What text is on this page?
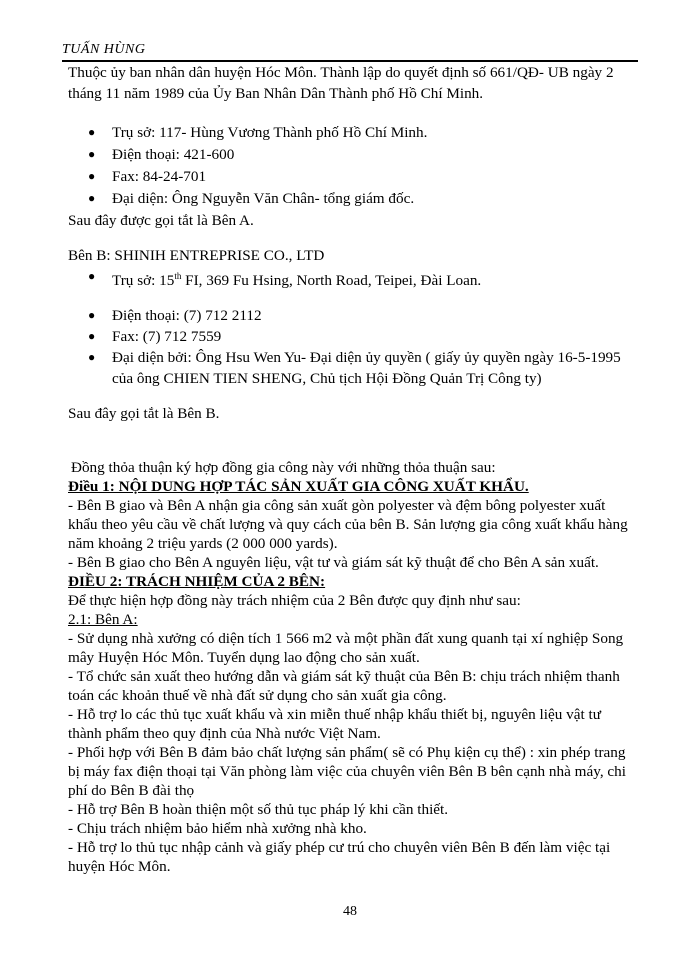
TUẤN HÙNG

Thuộc ủy ban nhân dân huyện Hóc Môn. Thành lập do quyết định số 661/QĐ- UB ngày 2 tháng 11 năm 1989 của Ủy Ban Nhân Dân Thành phố Hồ Chí Minh.

● Trụ sở: 117- Hùng Vương Thành phố Hồ Chí Minh.
● Điện thoại: 421-600
● Fax: 84-24-701
● Đại diện: Ông Nguyễn Văn Chân- tổng giám đốc.

Sau đây được gọi tắt là Bên A.

Bên B: SHINIH ENTREPRISE CO., LTD

● Trụ sở: 15th FI, 369 Fu Hsing, North Road, Teipei, Đài Loan.
● Điện thoại: (7) 712 2112
● Fax: (7) 712 7559
● Đại diện bởi: Ông Hsu Wen Yu- Đại diện ủy quyền ( giấy ủy quyền ngày 16-5-1995 của ông CHIEN TIEN SHENG, Chủ tịch Hội Đồng Quản Trị Công ty)

Sau đây gọi tắt là Bên B.

Đồng thỏa thuận ký hợp đồng gia công này với những thỏa thuận sau:

Điều 1: NỘI DUNG HỢP TÁC SẢN XUẤT GIA CÔNG XUẤT KHẨU.

- Bên B giao và Bên A nhận gia công sản xuất gòn polyester và đệm bông polyester xuất khẩu theo yêu cầu về chất lượng và quy cách của bên B. Sản lượng gia công xuất khẩu hàng năm khoảng 2 triệu yards (2 000 000 yards).

- Bên B giao cho Bên A nguyên liệu, vật tư và giám sát kỹ thuật để cho Bên A sản xuất.

ĐIỀU 2: TRÁCH NHIỆM CỦA 2 BÊN:

Để thực hiện hợp đồng này trách nhiệm của 2 Bên được quy định như sau:

2.1: Bên A:

- Sử dụng nhà xưởng có diện tích 1 566 m2 và một phần đất xung quanh tại xí nghiệp Song mây Huyện Hóc Môn. Tuyển dụng lao động cho sản xuất.

- Tổ chức sản xuất theo hướng dẫn và giám sát kỹ thuật của Bên B: chịu trách nhiệm thanh toán các khoản thuế về nhà đất sử dụng cho sản xuất gia công.

- Hỗ trợ lo các thủ tục xuất khẩu và xin miễn thuế nhập khẩu thiết bị, nguyên liệu vật tư thành phẩm theo quy định của Nhà nước Việt Nam.

- Phối hợp với Bên B đảm bảo chất lượng sản phẩm( sẽ có Phụ kiện cụ thể) : xin phép trang bị máy fax điện thoại tại Văn phòng làm việc của chuyên viên Bên B bên cạnh nhà máy, chi phí do Bên B đài thọ

- Hỗ trợ Bên B hoàn thiện một số thủ tục pháp lý khi cần thiết.

- Chịu trách nhiệm bảo hiểm nhà xưởng nhà kho.

- Hỗ trợ lo thủ tục nhập cảnh và giấy phép cư trú cho chuyên viên Bên B đến làm việc tại huyện Hóc Môn.

48
